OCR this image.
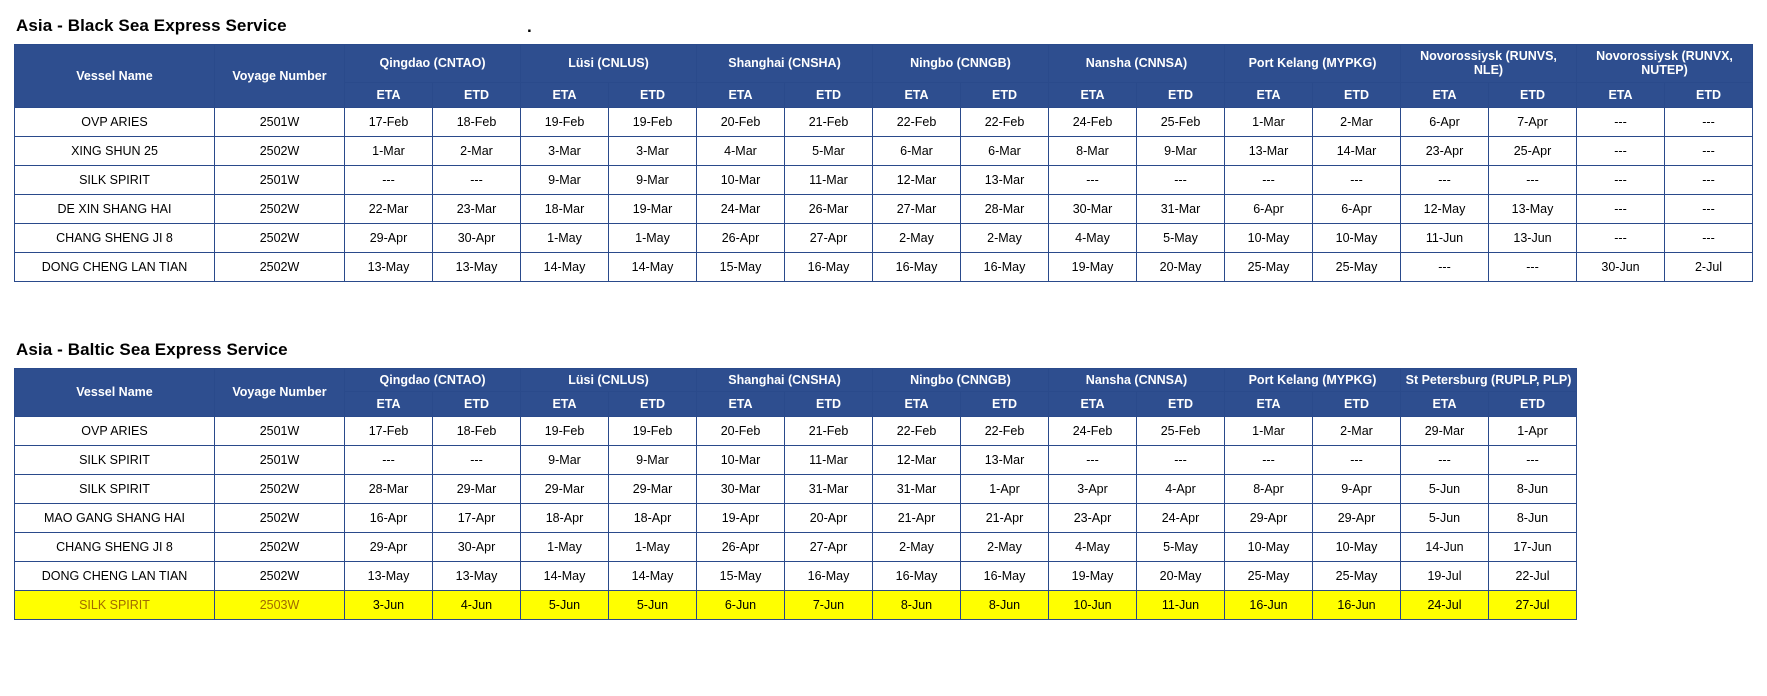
.
Asia - Black Sea Express Service
Vessel Name	Voyage Number	Qingdao (CNTAO)		Lüsi (CNLUS)		Shanghai (CNSHA)		Ningbo (CNNGB)		Nansha (CNNSA)		Port Kelang (MYPKG)		Novorossiysk (RUNVS, NLE)		Novorossiysk (RUNVX, NUTEP)	
		ETA	ETD	ETA	ETD	ETA	ETD	ETA	ETD	ETA	ETD	ETA	ETD	ETA	ETD	ETA	ETD
OVP ARIES	2501W	17-Feb	18-Feb	19-Feb	19-Feb	20-Feb	21-Feb	22-Feb	22-Feb	24-Feb	25-Feb	1-Mar	2-Mar	6-Apr	7-Apr	---	---
XING SHUN 25	2502W	1-Mar	2-Mar	3-Mar	3-Mar	4-Mar	5-Mar	6-Mar	6-Mar	8-Mar	9-Mar	13-Mar	14-Mar	23-Apr	25-Apr	---	---
SILK SPIRIT	2501W	---	---	9-Mar	9-Mar	10-Mar	11-Mar	12-Mar	13-Mar	---	---	---	---	---	---	---	---
DE XIN SHANG HAI	2502W	22-Mar	23-Mar	18-Mar	19-Mar	24-Mar	26-Mar	27-Mar	28-Mar	30-Mar	31-Mar	6-Apr	6-Apr	12-May	13-May	---	---
CHANG SHENG JI 8	2502W	29-Apr	30-Apr	1-May	1-May	26-Apr	27-Apr	2-May	2-May	4-May	5-May	10-May	10-May	11-Jun	13-Jun	---	---
DONG CHENG LAN TIAN	2502W	13-May	13-May	14-May	14-May	15-May	16-May	16-May	16-May	19-May	20-May	25-May	25-May	---	---	30-Jun	2-Jul
Asia - Baltic Sea Express Service
Vessel Name	Voyage Number	Qingdao (CNTAO)		Lüsi (CNLUS)		Shanghai (CNSHA)		Ningbo (CNNGB)		Nansha (CNNSA)		Port Kelang (MYPKG)		St Petersburg (RUPLP, PLP)	
		ETA	ETD	ETA	ETD	ETA	ETD	ETA	ETD	ETA	ETD	ETA	ETD	ETA	ETD
OVP ARIES	2501W	17-Feb	18-Feb	19-Feb	19-Feb	20-Feb	21-Feb	22-Feb	22-Feb	24-Feb	25-Feb	1-Mar	2-Mar	29-Mar	1-Apr
SILK SPIRIT	2501W	---	---	9-Mar	9-Mar	10-Mar	11-Mar	12-Mar	13-Mar	---	---	---	---	---	---
SILK SPIRIT	2502W	28-Mar	29-Mar	29-Mar	29-Mar	30-Mar	31-Mar	31-Mar	1-Apr	3-Apr	4-Apr	8-Apr	9-Apr	5-Jun	8-Jun
MAO GANG SHANG HAI	2502W	16-Apr	17-Apr	18-Apr	18-Apr	19-Apr	20-Apr	21-Apr	21-Apr	23-Apr	24-Apr	29-Apr	29-Apr	5-Jun	8-Jun
CHANG SHENG JI 8	2502W	29-Apr	30-Apr	1-May	1-May	26-Apr	27-Apr	2-May	2-May	4-May	5-May	10-May	10-May	14-Jun	17-Jun
DONG CHENG LAN TIAN	2502W	13-May	13-May	14-May	14-May	15-May	16-May	16-May	16-May	19-May	20-May	25-May	25-May	19-Jul	22-Jul
SILK SPIRIT	2503W	3-Jun	4-Jun	5-Jun	5-Jun	6-Jun	7-Jun	8-Jun	8-Jun	10-Jun	11-Jun	16-Jun	16-Jun	24-Jul	27-Jul
